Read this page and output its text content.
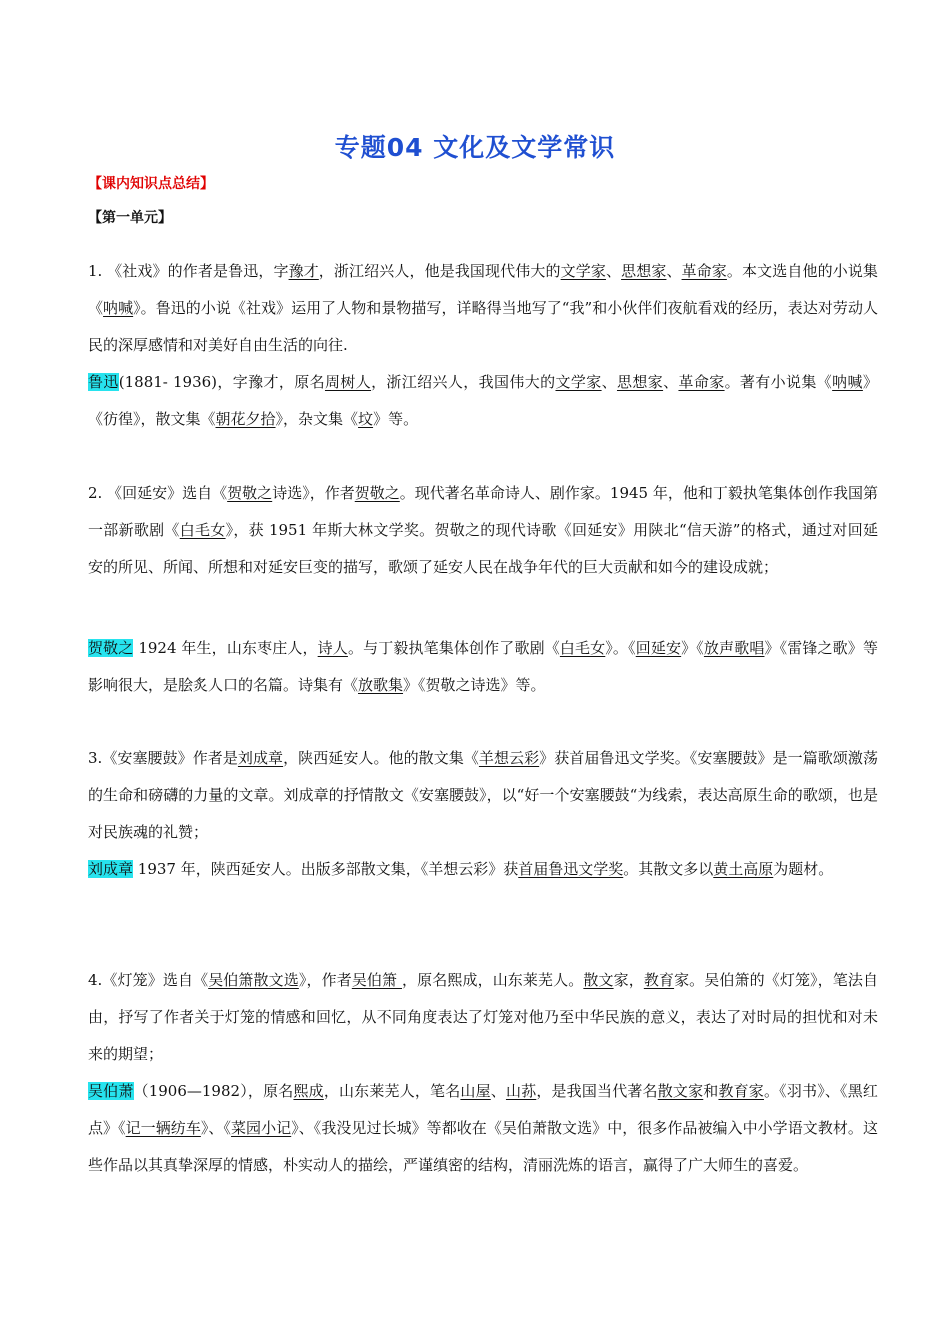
专题04 文化及文学常识
【课内知识点总结】
【第一单元】

1. 《社戏》的作者是鲁迅，字豫才，浙江绍兴人，他是我国现代伟大的文学家、思想家、革命家。本文选自他的小说集《呐喊》。鲁迅的小说《社戏》运用了人物和景物描写，详略得当地写了“我”和小伙伴们夜航看戏的经历，表达对劳动人民的深厚感情和对美好自由生活的向往.

鲁迅(1881- 1936)，字豫才，原名周树人，浙江绍兴人，我国伟大的文学家、思想家、革命家。著有小说集《呐喊》《彷徨》，散文集《朝花夕拾》，杂文集《坟》等。

2. 《回延安》选自《贺敬之诗选》，作者贺敬之。现代著名革命诗人、剧作家。1945 年，他和丁毅执笔集体创作我国第一部新歌剧《白毛女》，获 1951 年斯大林文学奖。贺敬之的现代诗歌《回延安》用陕北“信天游”的格式，通过对回延安的所见、所闻、所想和对延安巨变的描写，歌颂了延安人民在战争年代的巨大贡献和如今的建设成就；

贺敬之 1924 年生，山东枣庄人，诗人。与丁毅执笔集体创作了歌剧《白毛女》。《回延安》《放声歌唱》《雷锋之歌》等影响很大，是脍炙人口的名篇。诗集有《放歌集》《贺敬之诗选》等。

3.《安塞腰鼓》作者是刘成章，陕西延安人。他的散文集《羊想云彩》获首届鲁迅文学奖。《安塞腰鼓》是一篇歌颂激荡的生命和磅礴的力量的文章。刘成章的抒情散文《安塞腰鼓》，以“好一个安塞腰鼓“为线索，表达高原生命的歌颂，也是对民族魂的礼赞；

刘成章 1937 年，陕西延安人。出版多部散文集，《羊想云彩》获首届鲁迅文学奖。其散文多以黄土高原为题材。

4.《灯笼》选自《吴伯箫散文选》，作者吴伯箫 ，原名熙成，山东莱芜人。散文家，教育家。吴伯箫的《灯笼》，笔法自由，抒写了作者关于灯笼的情感和回忆，从不同角度表达了灯笼对他乃至中华民族的意义，表达了对时局的担忧和对未来的期望；

吴伯萧（1906—1982），原名熙成，山东莱芜人，笔名山屋、山荪，是我国当代著名散文家和教育家。《羽书》、《黑红点》《记一辆纺车》、《菜园小记》、《我没见过长城》等都收在《吴伯萧散文选》中，很多作品被编入中小学语文教材。这些作品以其真挚深厚的情感，朴实动人的描绘，严谨缜密的结构，清丽洗炼的语言，赢得了广大师生的喜爱。
